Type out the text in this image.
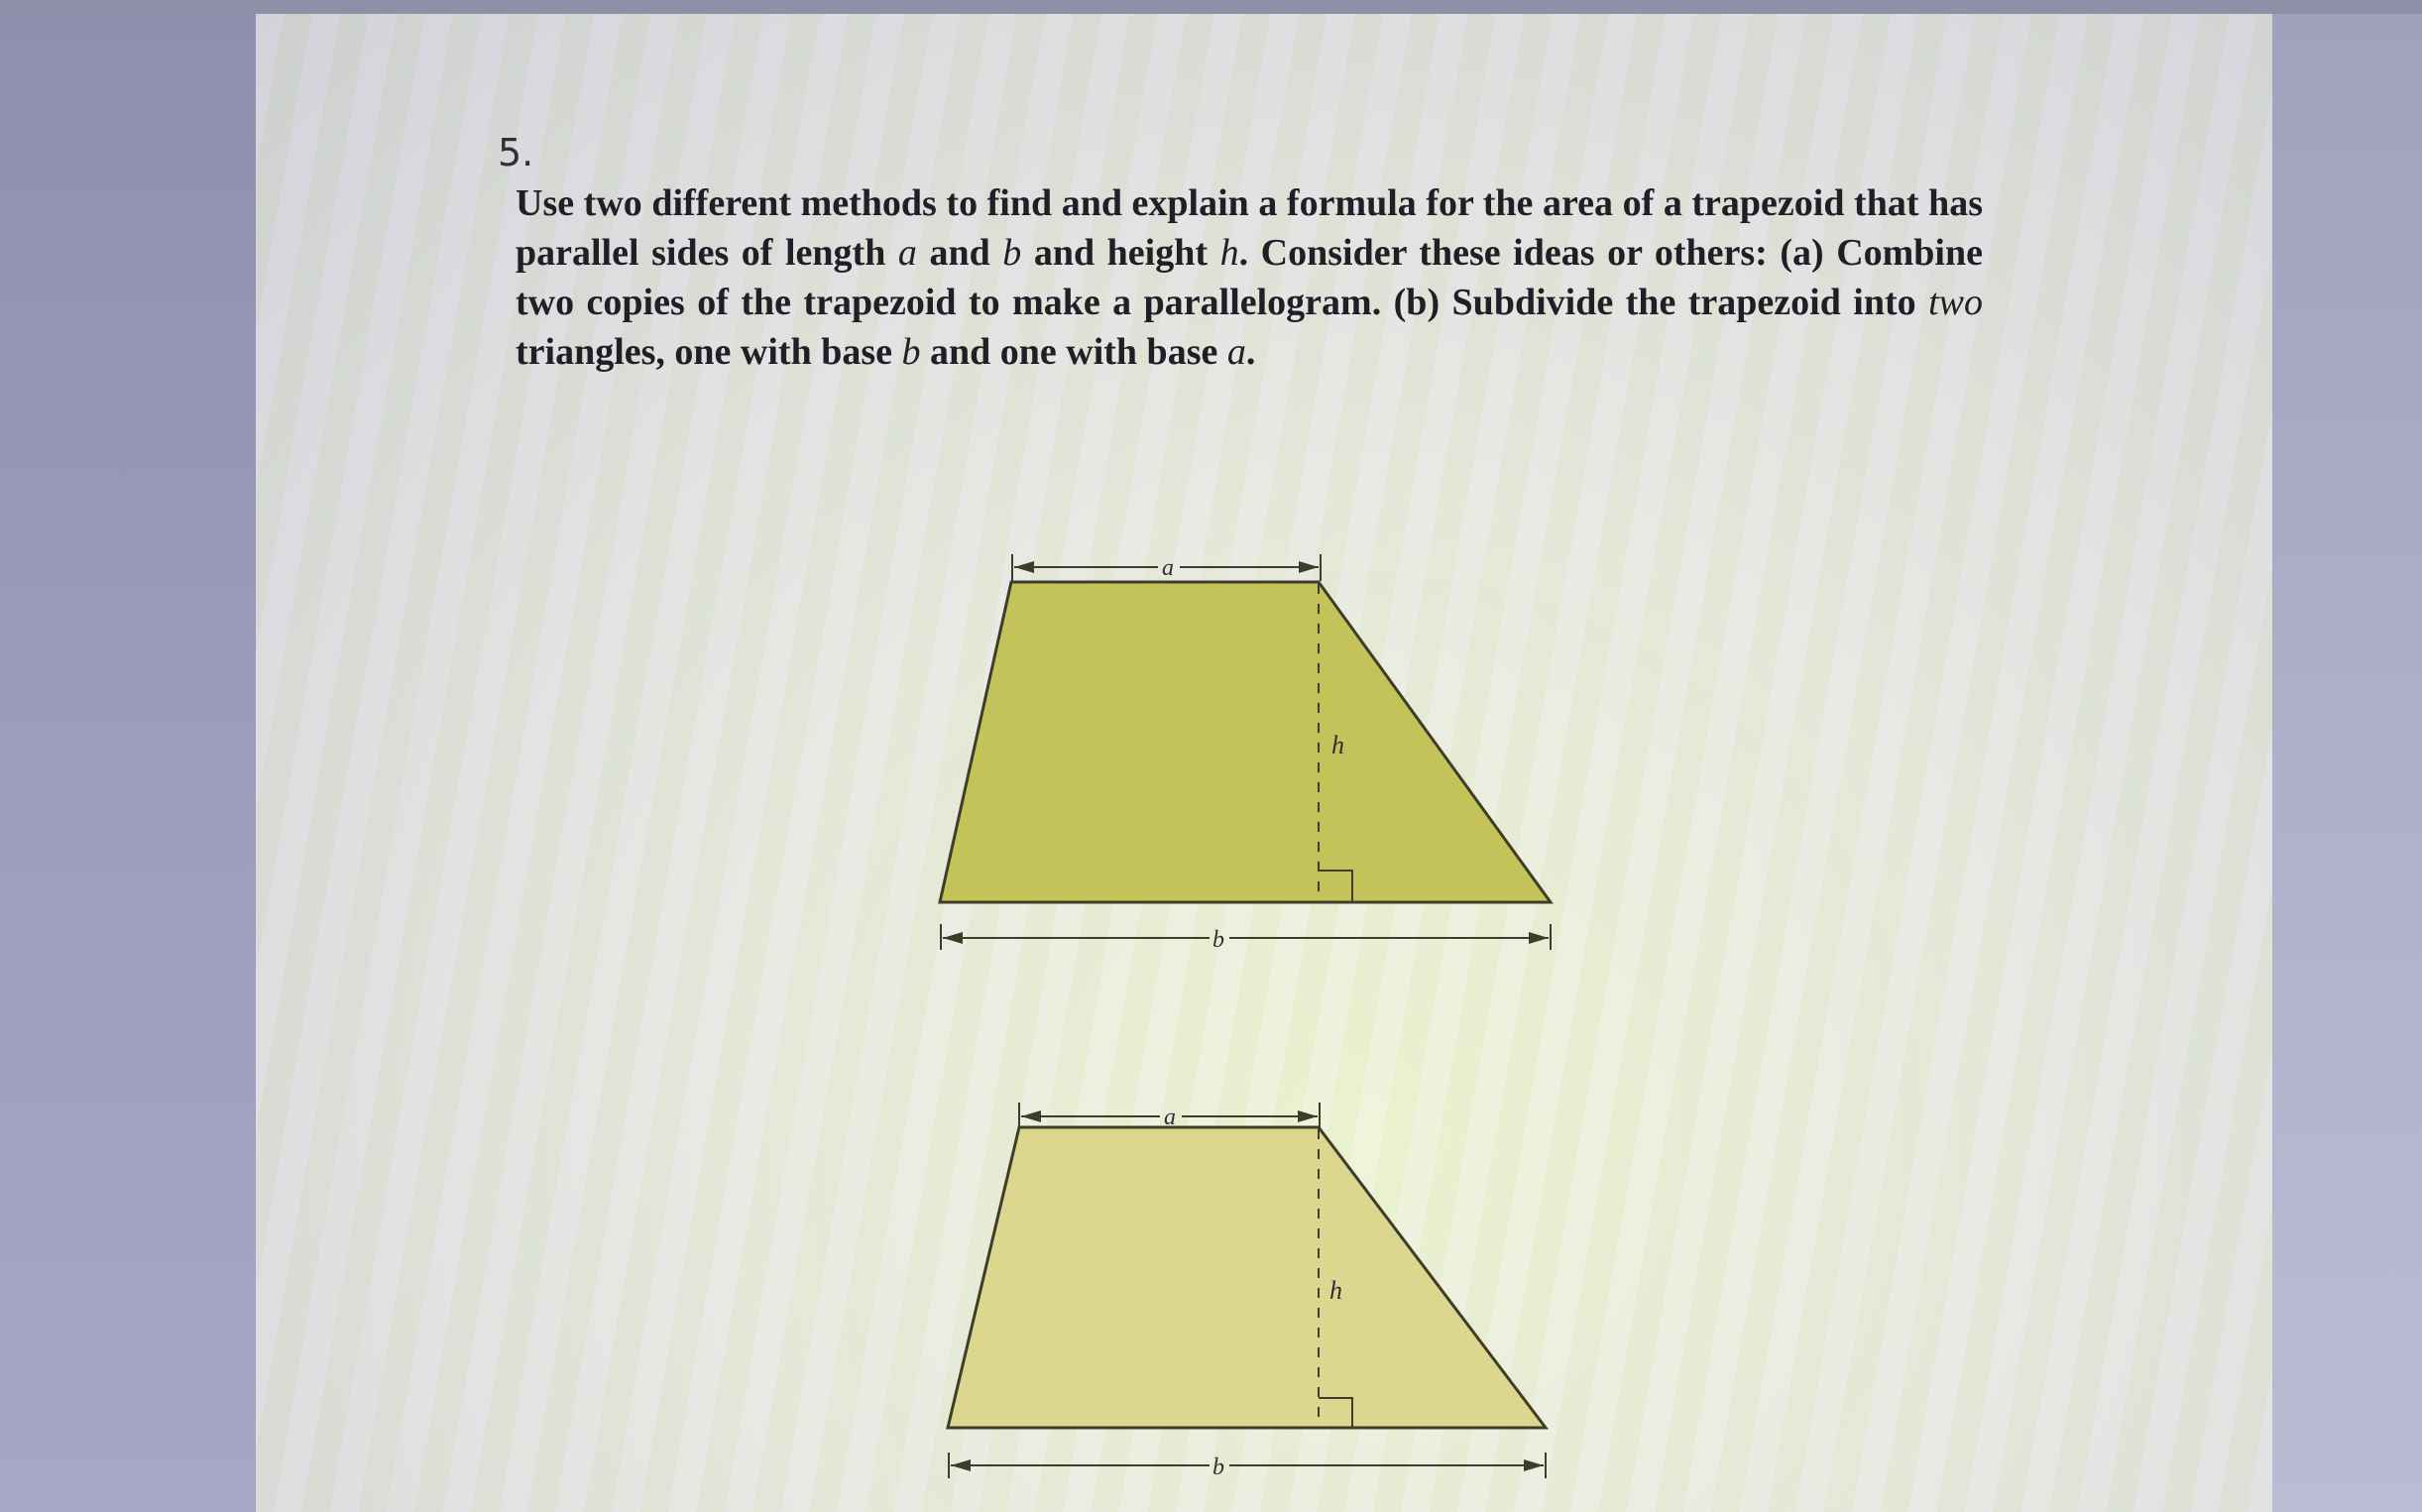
5.
Use two different methods to find and explain a formula for the area of a trapezoid that has parallel sides of length a and b and height h. Consider these ideas or others: (a) Combine two copies of the trapezoid to make a parallelogram. (b) Subdivide the trapezoid into two triangles, one with base b and one with base a.
h
a
b
h
a
b
